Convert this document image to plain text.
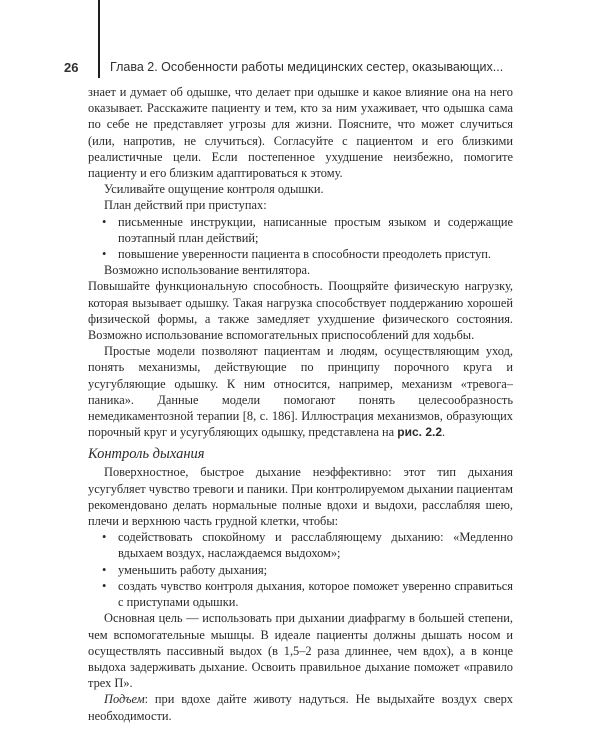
26	Глава 2. Особенности работы медицинских сестер, оказывающих...

знает и думает об одышке, что делает при одышке и какое влияние она на него оказывает. Расскажите пациенту и тем, кто за ним ухаживает, что одышка сама по себе не представляет угрозы для жизни. Поясните, что может случиться (или, напротив, не случиться). Согласуйте с пациентом и его близкими реалистичные цели. Если постепенное ухудшение неизбежно, помогите пациенту и его близким адаптироваться к этому.

Усиливайте ощущение контроля одышки.

План действий при приступах:

• письменные инструкции, написанные простым языком и содержащие поэтапный план действий;
• повышение уверенности пациента в способности преодолеть приступ.

Возможно использование вентилятора.

Повышайте функциональную способность. Поощряйте физическую нагрузку, которая вызывает одышку. Такая нагрузка способствует поддержанию хорошей физической формы, а также замедляет ухудшение физического состояния. Возможно использование вспомогательных приспособлений для ходьбы.

Простые модели позволяют пациентам и людям, осуществляющим уход, понять механизмы, действующие по принципу порочного круга и усугубляющие одышку. К ним относится, например, механизм «тревога–паника». Данные модели помогают понять целесообразность немедикаментозной терапии [8, с. 186]. Иллюстрация механизмов, образующих порочный круг и усугубляющих одышку, представлена на рис. 2.2.

Контроль дыхания

Поверхностное, быстрое дыхание неэффективно: этот тип дыхания усугубляет чувство тревоги и паники. При контролируемом дыхании пациентам рекомендовано делать нормальные полные вдохи и выдохи, расслабляя шею, плечи и верхнюю часть грудной клетки, чтобы:

• содействовать спокойному и расслабляющему дыханию: «Медленно вдыхаем воздух, наслаждаемся выдохом»;
• уменьшить работу дыхания;
• создать чувство контроля дыхания, которое поможет уверенно справиться с приступами одышки.

Основная цель — использовать при дыхании диафрагму в большей степени, чем вспомогательные мышцы. В идеале пациенты должны дышать носом и осуществлять пассивный выдох (в 1,5–2 раза длиннее, чем вдох), а в конце выдоха задерживать дыхание. Освоить правильное дыхание поможет «правило трех П».

Подъем: при вдохе дайте животу надуться. Не выдыхайте воздух сверх необходимости.
